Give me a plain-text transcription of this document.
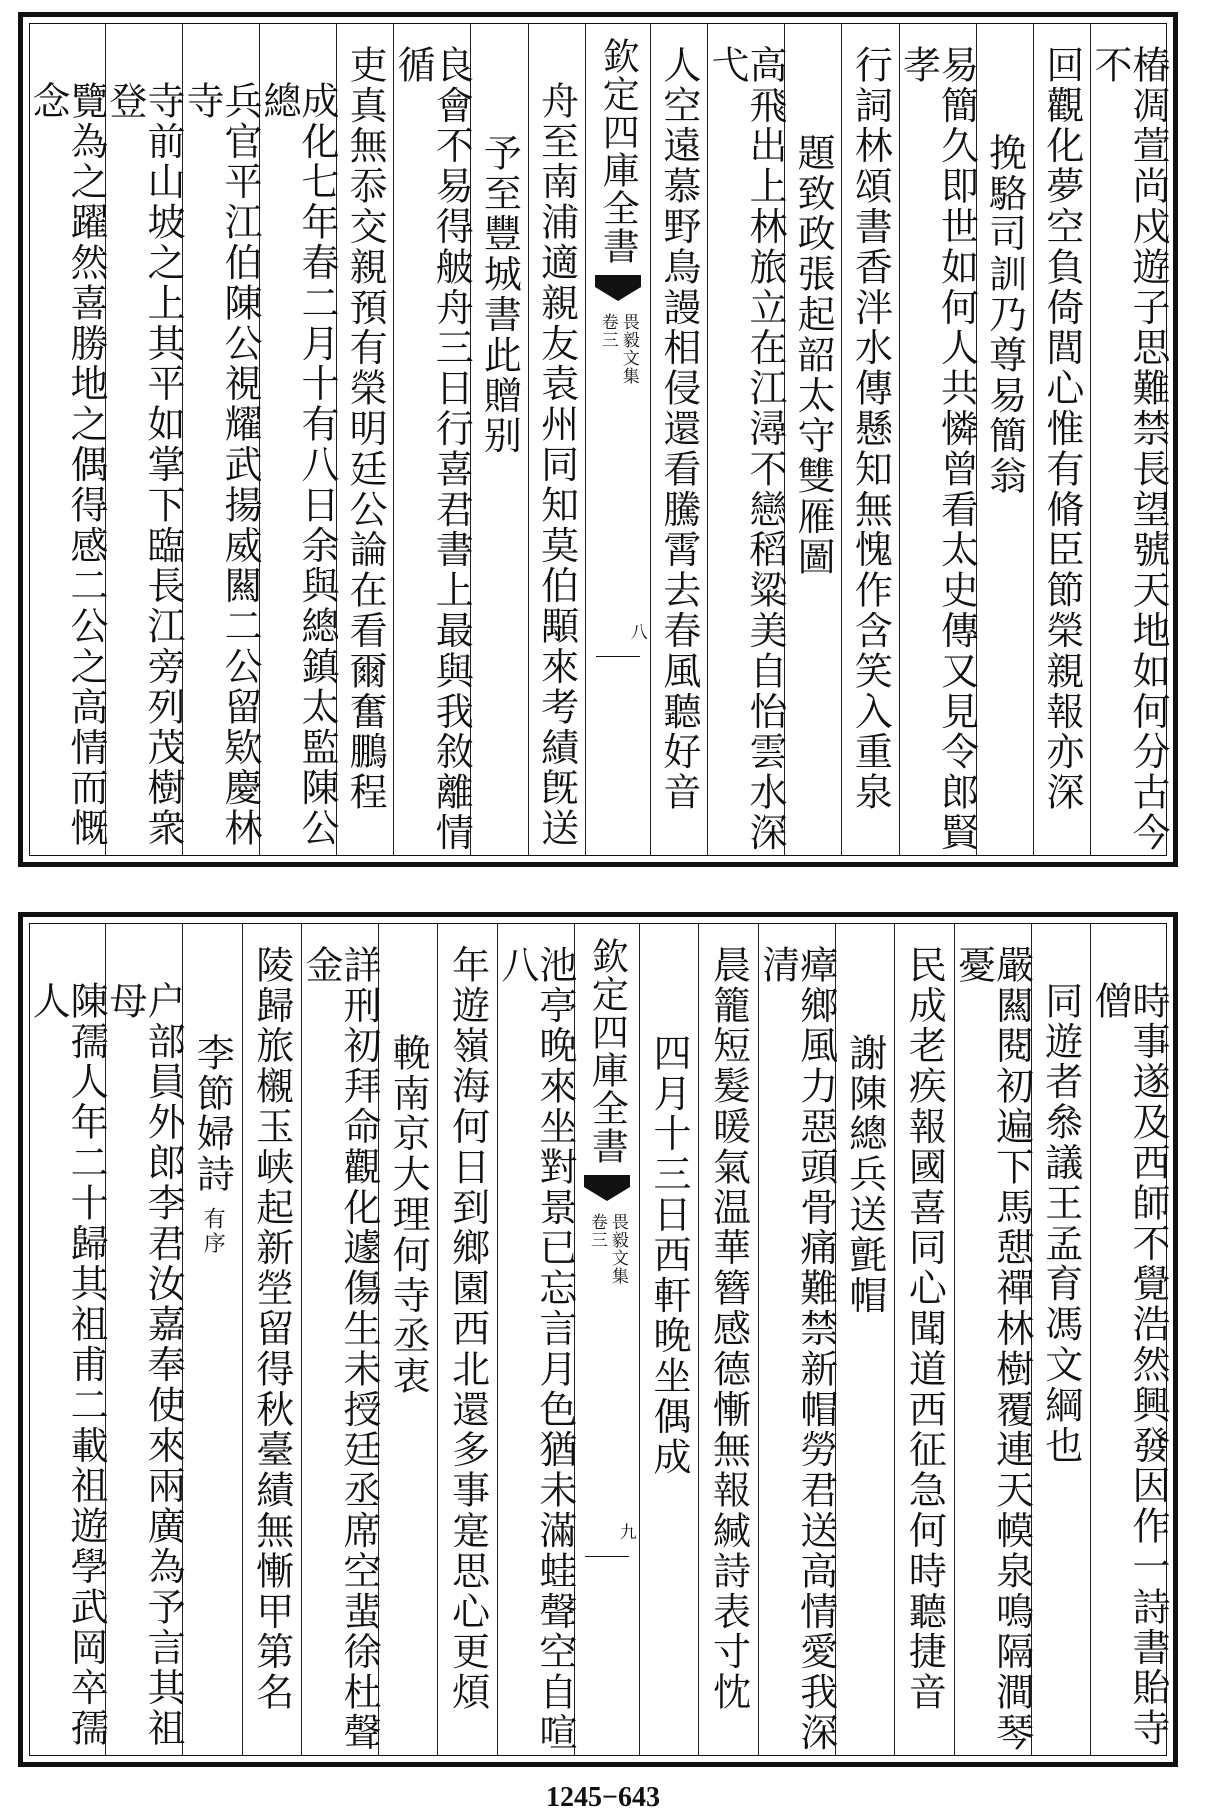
椿凋萱尚戍遊子思難禁長望號天地如何分古今不
回觀化夢空負倚閭心惟有脩臣節榮親報亦深
挽駱司訓乃尊易簡翁
易簡久即世如何人共憐曾看太史傳又見令郎賢孝
行詞林頌書香泮水傳懸知無愧作含笑入重泉
題致政張起韶太守雙雁圖
高飛出上林旅立在江潯不戀稻粱美自怡雲水深弋
人空遠慕野鳥謾相侵還看騰霄去春風聽好音
欽定四庫全書
畏毅文集
卷三
八
舟至南浦適親友袁州同知莫伯顒來考績旣送
予至豐城書此贈别
良會不易得𦨭舟三日行喜君書上最與我敘離情循
吏真無忝交親預有榮明廷公論在看爾奮鵬程
成化七年春二月十有八日余與總鎮太監陳公總
兵官平江伯陳公視耀武揚威闗二公留欵慶林寺
寺前山坡之上其平如掌下臨長江旁列茂樹衆登
覽為之躍然喜勝地之偶得感二公之高情而慨念
時事遂及西師不覺浩然興發因作一詩書貽寺僧
同遊者叅議王孟育馮文綱也
嚴闗閱初遍下馬憇禪林樹覆連天幙泉鳴隔澗琴憂
民成老疾報國喜同心聞道西征急何時聽捷音
謝陳總兵送氈帽
瘴鄉風力惡頭骨痛難禁新帽勞君送高情愛我深清
晨籠短髮暖氣温華簪感德慚無報緘詩表寸忱
四月十三日西軒晚坐偶成
欽定四庫全書
畏毅文集
卷三
九
池亭晚來坐對景已忘言月色猶未滿蛙聲空自喧八
年遊嶺海何日到鄉園西北還多事寔思心更煩
輓南京大理何寺丞衷
詳刑初拜命觀化遽傷生未授廷丞席空蜚徐杜聲金
陵歸旅櫬玉峡起新塋留得秋臺績無慚甲第名
李節婦詩
有序
户部員外郎李君汝嘉奉使來兩廣為予言其祖母
陳孺人年二十歸其祖甫二載祖遊學武岡卒孺人
1245−643
